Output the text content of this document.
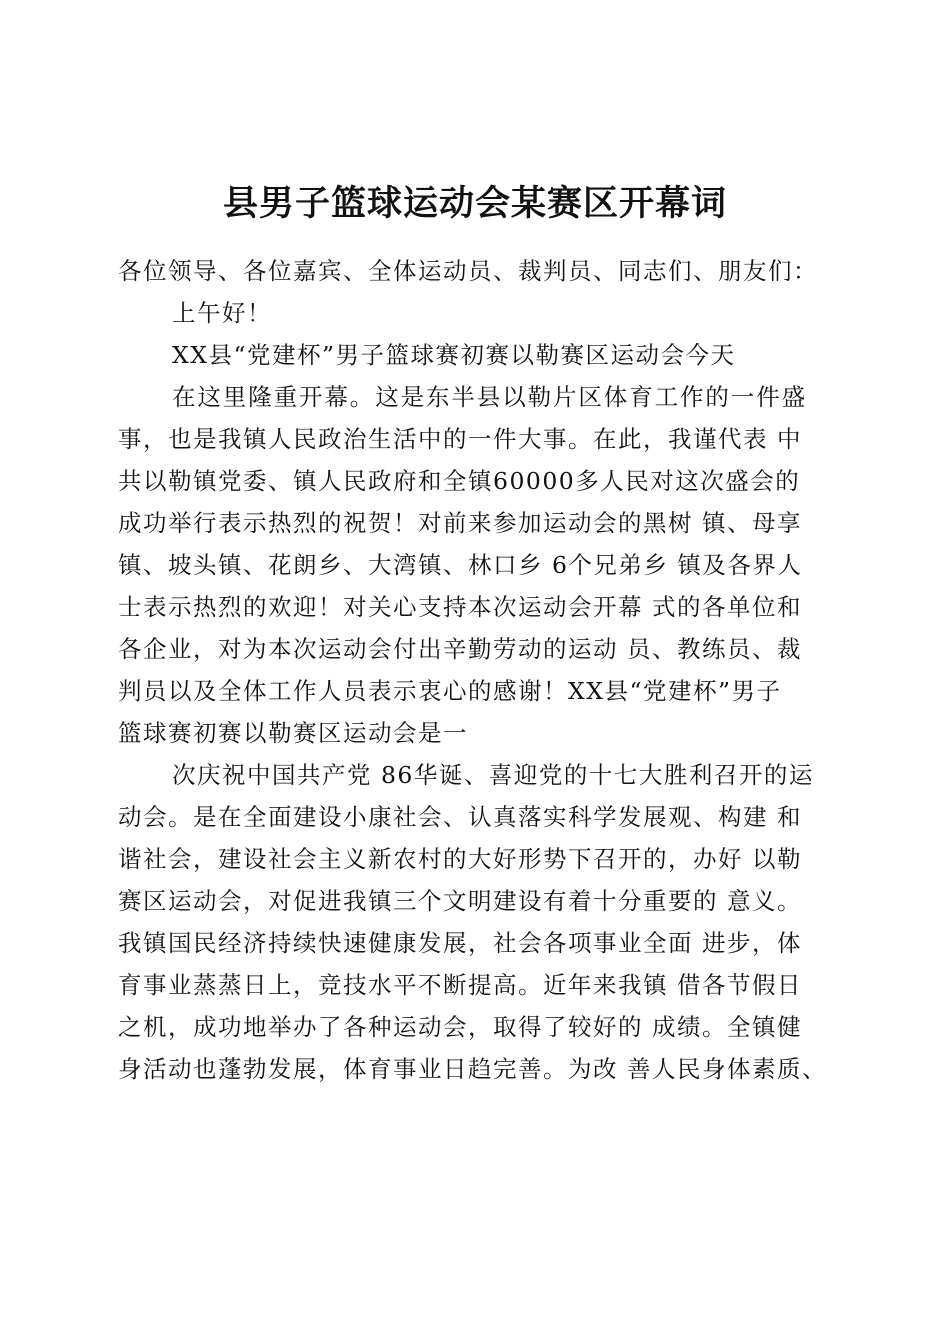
县男子篮球运动会某赛区开幕词
各位领导、各位嘉宾、全体运动员、裁判员、同志们、朋友们：
上午好！
XX县“党建杯”男子篮球赛初赛以勒赛区运动会今天
在这里隆重开幕。这是东半县以勒片区体育工作的一件盛
事，也是我镇人民政治生活中的一件大事。在此，我谨代表 中
共以勒镇党委、镇人民政府和全镇60000多人民对这次盛会的
成功举行表示热烈的祝贺！对前来参加运动会的黑树 镇、母享
镇、坡头镇、花朗乡、大湾镇、林口乡 6个兄弟乡 镇及各界人
士表示热烈的欢迎！对关心支持本次运动会开幕 式的各单位和
各企业，对为本次运动会付出辛勤劳动的运动 员、教练员、裁
判员以及全体工作人员表示衷心的感谢！XX县“党建杯”男子
篮球赛初赛以勒赛区运动会是一
次庆祝中国共产党 86华诞、喜迎党的十七大胜利召开的运
动会。是在全面建设小康社会、认真落实科学发展观、构建 和
谐社会，建设社会主义新农村的大好形势下召开的，办好 以勒
赛区运动会，对促进我镇三个文明建设有着十分重要的 意义。
我镇国民经济持续快速健康发展，社会各项事业全面 进步，体
育事业蒸蒸日上，竞技水平不断提高。近年来我镇 借各节假日
之机，成功地举办了各种运动会，取得了较好的 成绩。全镇健
身活动也蓬勃发展，体育事业日趋完善。为改 善人民身体素质、
